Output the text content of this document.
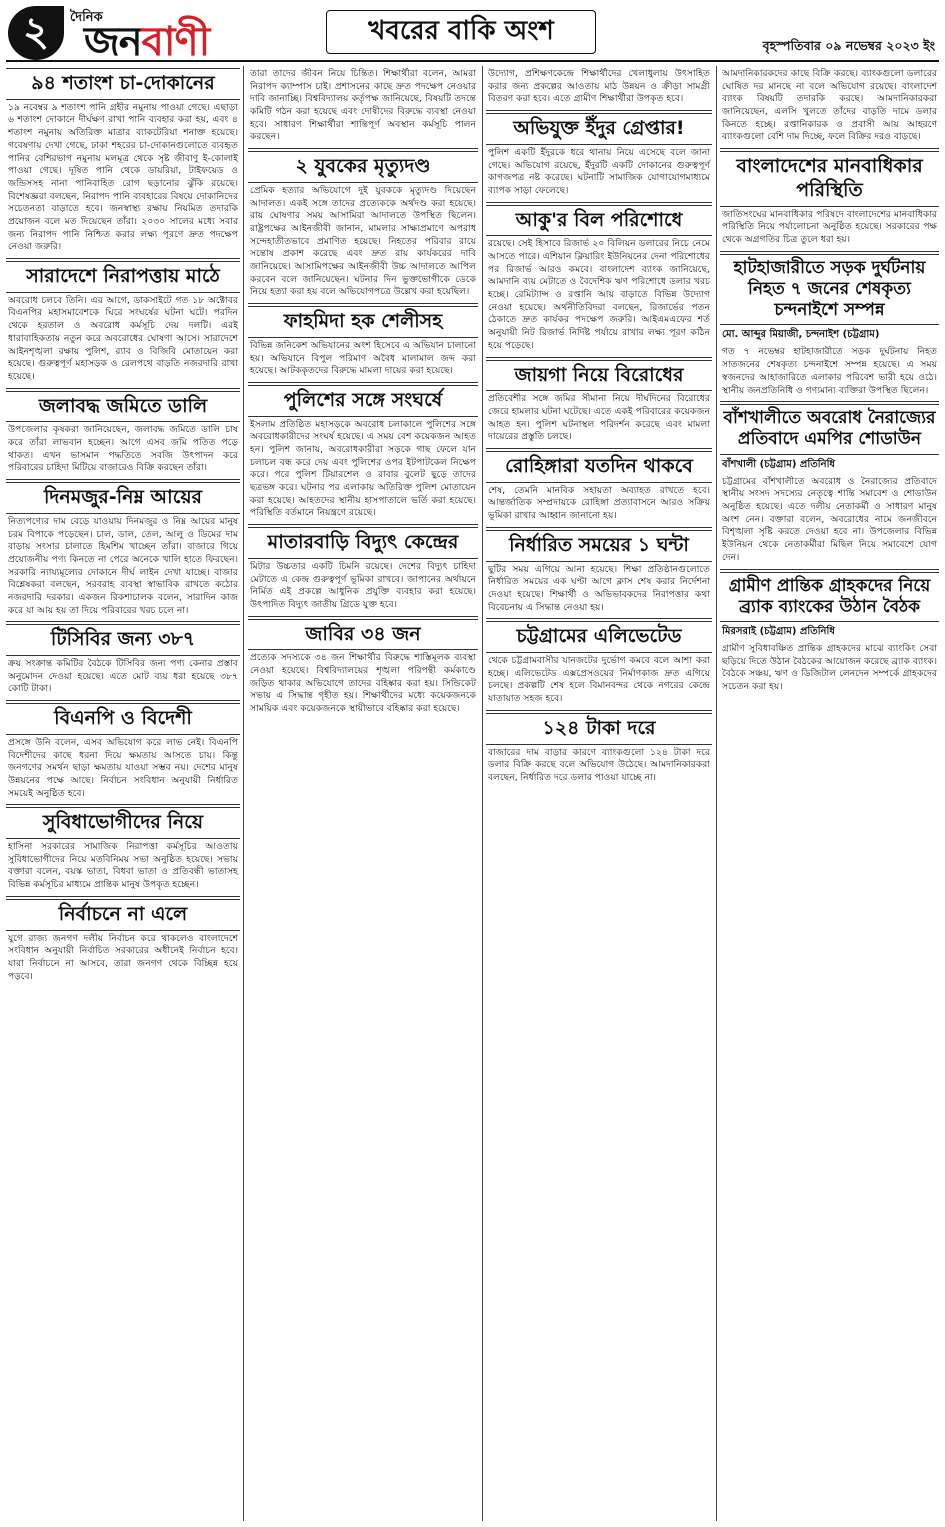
২	দৈনিক
জনবাণী	খবরের বাকি অংশ	বৃহস্পতিবার ০৯ নভেম্বর ২০২৩ ইং
৯৪ শতাংশ চা-দোকানের
১৯ নবেম্বর ৯ শতাংশ পানি গ্রহীর নমুনায় পাওয়া গেছে। এছাড়া ৬ শতাংশ দোকানে দীর্ঘক্ষণ রাখা পানি ব্যবহার করা হয়, এবং ৪ শতাংশ নমুনায় অতিরিক্ত মাত্রার ব্যাকটেরিয়া শনাক্ত হয়েছে। গবেষণায় দেখা গেছে, ঢাকা শহরের চা-দোকানগুলোতে ব্যবহৃত পানির বেশিরভাগ নমুনায় মলমূত্র থেকে সৃষ্ট জীবাণু ই-কোলাই পাওয়া গেছে। দূষিত পানি থেকে ডায়রিয়া, টাইফয়েড ও জন্ডিসসহ নানা পানিবাহিত রোগ ছড়ানোর ঝুঁকি রয়েছে। বিশেষজ্ঞরা বলছেন, নিরাপদ পানি ব্যবহারের বিষয়ে দোকানিদের সচেতনতা বাড়াতে হবে। জনস্বাস্থ্য রক্ষায় নিয়মিত তদারকি প্রয়োজন বলে মত দিয়েছেন তাঁরা। ২০৩০ সালের মধ্যে সবার জন্য নিরাপদ পানি নিশ্চিত করার লক্ষ্য পূরণে দ্রুত পদক্ষেপ নেওয়া জরুরি।
সারাদেশে নিরাপত্তায় মাঠে
অবরোধ চলবে তিনি। এর আগে, ডাকসাইটে গত ১৮ অক্টোবর বিএনপির মহাসমাবেশকে ঘিরে সংঘর্ষের ঘটনা ঘটে। পরদিন থেকে হরতাল ও অবরোধ কর্মসূচি দেয় দলটি। এরই ধারাবাহিকতায় নতুন করে অবরোধের ঘোষণা আসে। সারাদেশে আইনশৃঙ্খলা রক্ষায় পুলিশ, র‍্যাব ও বিজিবি মোতায়েন করা হয়েছে। গুরুত্বপূর্ণ মহাসড়ক ও রেলপথে বাড়তি নজরদারি রাখা হয়েছে।
জলাবদ্ধ জমিতে ডালি
উপজেলার কৃষকরা জানিয়েছেন, জলাবদ্ধ জমিতে ডালি চাষ করে তাঁরা লাভবান হচ্ছেন। আগে এসব জমি পতিত পড়ে থাকত। এখন ভাসমান পদ্ধতিতে সবজি উৎপাদন করে পরিবারের চাহিদা মিটিয়ে বাজারেও বিক্রি করছেন তাঁরা।
দিনমজুর-নিম্ন আয়ের
নিত্যপণ্যের দাম বেড়ে যাওয়ায় দিনমজুর ও নিম্ন আয়ের মানুষ চরম বিপাকে পড়েছেন। চাল, ডাল, তেল, আলু ও ডিমের দাম বাড়ায় সংসার চালাতে হিমশিম খাচ্ছেন তাঁরা। বাজারে গিয়ে প্রয়োজনীয় পণ্য কিনতে না পেরে অনেকে খালি হাতে ফিরছেন। সরকারি ন্যায্যমূল্যের দোকানে দীর্ঘ লাইন দেখা যাচ্ছে। বাজার বিশ্লেষকরা বলছেন, সরবরাহ ব্যবস্থা স্বাভাবিক রাখতে কঠোর নজরদারি দরকার। একজন রিকশাচালক বলেন, সারাদিন কাজ করে যা আয় হয় তা দিয়ে পরিবারের খরচ চলে না।
টিসিবির জন্য ৩৮৭
ক্রয় সংক্রান্ত কমিটির বৈঠকে টিসিবির জন্য পণ্য কেনার প্রস্তাব অনুমোদন দেওয়া হয়েছে। এতে মোট ব্যয় ধরা হয়েছে ৩৮৭ কোটি টাকা।
বিএনপি ও বিদেশী
প্রসঙ্গে উনি বলেন, এসব অভিযোগ করে লাভ নেই। বিএনপি বিদেশীদের কাছে ধরনা দিয়ে ক্ষমতায় আসতে চায়। কিন্তু জনগণের সমর্থন ছাড়া ক্ষমতায় যাওয়া সম্ভব নয়। দেশের মানুষ উন্নয়নের পক্ষে আছে। নির্বাচন সংবিধান অনুযায়ী নির্ধারিত সময়েই অনুষ্ঠিত হবে।
সুবিধাভোগীদের নিয়ে
হাসিনা সরকারের সামাজিক নিরাপত্তা কর্মসূচির আওতায় সুবিধাভোগীদের নিয়ে মতবিনিময় সভা অনুষ্ঠিত হয়েছে। সভায় বক্তারা বলেন, বয়স্ক ভাতা, বিধবা ভাতা ও প্রতিবন্ধী ভাতাসহ বিভিন্ন কর্মসূচির মাধ্যমে প্রান্তিক মানুষ উপকৃত হচ্ছেন।
নির্বাচনে না এলে
যুগে রাজ্য জনগণ দলীয় নির্বাচন করে থাকলেও বাংলাদেশে সংবিধান অনুযায়ী নির্বাচিত সরকারের অধীনেই নির্বাচন হবে। যারা নির্বাচনে না আসবে, তারা জনগণ থেকে বিচ্ছিন্ন হয়ে পড়বে।
তারা তাদের জীবন নিয়ে চিন্তিত। শিক্ষার্থীরা বলেন, আমরা নিরাপদ ক্যাম্পাস চাই। প্রশাসনের কাছে দ্রুত পদক্ষেপ নেওয়ার দাবি জানাচ্ছি। বিশ্ববিদ্যালয় কর্তৃপক্ষ জানিয়েছে, বিষয়টি তদন্তে কমিটি গঠন করা হয়েছে এবং দোষীদের বিরুদ্ধে ব্যবস্থা নেওয়া হবে। সাধারণ শিক্ষার্থীরা শান্তিপূর্ণ অবস্থান কর্মসূচি পালন করছেন।
২ যুবকের মৃত্যুদণ্ড
প্রেমিক হত্যার অভিযোগে দুই যুবককে মৃত্যুদণ্ড দিয়েছেন আদালত। একই সঙ্গে তাদের প্রত্যেককে অর্থদণ্ড করা হয়েছে। রায় ঘোষণার সময় আসামিরা আদালতে উপস্থিত ছিলেন। রাষ্ট্রপক্ষের আইনজীবী জানান, মামলার সাক্ষ্যপ্রমাণে অপরাধ সন্দেহাতীতভাবে প্রমাণিত হয়েছে। নিহতের পরিবার রায়ে সন্তোষ প্রকাশ করেছে এবং দ্রুত রায় কার্যকরের দাবি জানিয়েছে। আসামিপক্ষের আইনজীবী উচ্চ আদালতে আপিল করবেন বলে জানিয়েছেন। ঘটনার দিন ভুক্তভোগীকে ডেকে নিয়ে হত্যা করা হয় বলে অভিযোগপত্রে উল্লেখ করা হয়েছিল।
ফাহমিদা হক শেলীসহ
বিভিন্ন জনিকেশ অভিযানের অংশ হিসেবে এ অভিযান চালানো হয়। অভিযানে বিপুল পরিমাণ অবৈধ মালামাল জব্দ করা হয়েছে। আটককৃতদের বিরুদ্ধে মামলা দায়ের করা হয়েছে।
পুলিশের সঙ্গে সংঘর্ষে
ইসলাম প্রতিষ্ঠিত মহাসড়কে অবরোধ চলাকালে পুলিশের সঙ্গে অবরোধকারীদের সংঘর্ষ হয়েছে। এ সময় বেশ কয়েকজন আহত হন। পুলিশ জানায়, অবরোধকারীরা সড়কে গাছ ফেলে যান চলাচল বন্ধ করে দেয় এবং পুলিশের ওপর ইটপাটকেল নিক্ষেপ করে। পরে পুলিশ টিয়ারশেল ও রাবার বুলেট ছুড়ে তাদের ছত্রভঙ্গ করে। ঘটনার পর এলাকায় অতিরিক্ত পুলিশ মোতায়েন করা হয়েছে। আহতদের স্থানীয় হাসপাতালে ভর্তি করা হয়েছে। পরিস্থিতি বর্তমানে নিয়ন্ত্রণে রয়েছে।
মাতারবাড়ি বিদ্যুৎ কেন্দ্রের
মিটার উচ্চতার একটি চিমনি রয়েছে। দেশের বিদ্যুৎ চাহিদা মেটাতে এ কেন্দ্র গুরুত্বপূর্ণ ভূমিকা রাখবে। জাপানের অর্থায়নে নির্মিত এই প্রকল্পে আধুনিক প্রযুক্তি ব্যবহার করা হয়েছে। উৎপাদিত বিদ্যুৎ জাতীয় গ্রিডে যুক্ত হবে।
জাবির ৩৪ জন
প্রত্যেক সদস্যকে ৩৪ জন শিক্ষার্থীর বিরুদ্ধে শাস্তিমূলক ব্যবস্থা নেওয়া হয়েছে। বিশ্ববিদ্যালয়ের শৃঙ্খলা পরিপন্থী কর্মকাণ্ডে জড়িত থাকার অভিযোগে তাদের বহিষ্কার করা হয়। সিন্ডিকেট সভায় এ সিদ্ধান্ত গৃহীত হয়। শিক্ষার্থীদের মধ্যে কয়েকজনকে সাময়িক এবং কয়েকজনকে স্থায়ীভাবে বহিষ্কার করা হয়েছে।
উদ্যোগ, প্রশিক্ষণকেন্দ্রে শিক্ষার্থীদের খেলাধুলায় উৎসাহিত করার জন্য প্রকল্পের আওতায় মাঠ উন্নয়ন ও ক্রীড়া সামগ্রী বিতরণ করা হবে। এতে গ্রামীণ শিক্ষার্থীরা উপকৃত হবে।
অভিযুক্ত ইঁদুর গ্রেপ্তার!
পুলিশ একটি ইঁদুরকে ধরে থানায় নিয়ে এসেছে বলে জানা গেছে। অভিযোগ রয়েছে, ইঁদুরটি একটি দোকানের গুরুত্বপূর্ণ কাগজপত্র নষ্ট করেছে। ঘটনাটি সামাজিক যোগাযোগমাধ্যমে ব্যাপক সাড়া ফেলেছে।
আকু'র বিল পরিশোধে
রয়েছে। সেই হিসাবে রিজার্ভ ২০ বিলিয়ন ডলারের নিচে নেমে আসতে পারে। এশিয়ান ক্লিয়ারিং ইউনিয়নের দেনা পরিশোধের পর রিজার্ভ আরও কমবে। বাংলাদেশ ব্যাংক জানিয়েছে, আমদানি ব্যয় মেটাতে ও বৈদেশিক ঋণ পরিশোধে ডলার খরচ হচ্ছে। রেমিট্যান্স ও রপ্তানি আয় বাড়াতে বিভিন্ন উদ্যোগ নেওয়া হয়েছে। অর্থনীতিবিদরা বলছেন, রিজার্ভের পতন ঠেকাতে দ্রুত কার্যকর পদক্ষেপ জরুরি। আইএমএফের শর্ত অনুযায়ী নিট রিজার্ভ নির্দিষ্ট পর্যায়ে রাখার লক্ষ্য পূরণ কঠিন হয়ে পড়েছে।
জায়গা নিয়ে বিরোধের
প্রতিবেশীর সঙ্গে জমির সীমানা নিয়ে দীর্ঘদিনের বিরোধের জেরে হামলার ঘটনা ঘটেছে। এতে একই পরিবারের কয়েকজন আহত হন। পুলিশ ঘটনাস্থল পরিদর্শন করেছে এবং মামলা দায়েরের প্রস্তুতি চলছে।
রোহিঙ্গারা যতদিন থাকবে
শেষ, তেমনি মানবিক সহায়তা অব্যাহত রাখতে হবে। আন্তর্জাতিক সম্প্রদায়কে রোহিঙ্গা প্রত্যাবাসনে আরও সক্রিয় ভূমিকা রাখার আহ্বান জানানো হয়।
নির্ধারিত সময়ের ১ ঘন্টা
ছুটির সময় এগিয়ে আনা হয়েছে। শিক্ষা প্রতিষ্ঠানগুলোতে নির্ধারিত সময়ের এক ঘণ্টা আগে ক্লাস শেষ করার নির্দেশনা দেওয়া হয়েছে। শিক্ষার্থী ও অভিভাবকদের নিরাপত্তার কথা বিবেচনায় এ সিদ্ধান্ত নেওয়া হয়।
চট্টগ্রামের এলিভেটেড
থেকে চট্টগ্রামবাসীর যানজটের দুর্ভোগ কমবে বলে আশা করা হচ্ছে। এলিভেটেড এক্সপ্রেসওয়ের নির্মাণকাজ দ্রুত এগিয়ে চলছে। প্রকল্পটি শেষ হলে বিমানবন্দর থেকে নগরের কেন্দ্রে যাতায়াত সহজ হবে।
১২৪ টাকা দরে
বাজারের দাম বাড়ার কারণে ব্যাংকগুলো ১২৪ টাকা দরে ডলার বিক্রি করছে বলে অভিযোগ উঠেছে। আমদানিকারকরা বলছেন, নির্ধারিত দরে ডলার পাওয়া যাচ্ছে না।
আমদানিকারকদের কাছে বিক্রি করছে। ব্যাংকগুলো ডলারের ঘোষিত দর মানছে না বলে অভিযোগ রয়েছে। বাংলাদেশ ব্যাংক বিষয়টি তদারকি করছে। আমদানিকারকরা জানিয়েছেন, এলসি খুলতে তাঁদের বাড়তি দামে ডলার কিনতে হচ্ছে। রপ্তানিকারক ও প্রবাসী আয় আহরণে ব্যাংকগুলো বেশি দাম দিচ্ছে, ফলে বিক্রির দরও বাড়ছে।
বাংলাদেশের মানবাধিকার পরিস্থিতি
জাতিসংঘের মানবাধিকার পরিষদে বাংলাদেশের মানবাধিকার পরিস্থিতি নিয়ে পর্যালোচনা অনুষ্ঠিত হয়েছে। সরকারের পক্ষ থেকে অগ্রগতির চিত্র তুলে ধরা হয়।
হাটহাজারীতে সড়ক দুর্ঘটনায় নিহত ৭ জনের শেষকৃত্য চন্দনাইশে সম্পন্ন
মো. আব্দুর মিয়াজী, চন্দনাইশ (চট্টগ্রাম)
গত ৭ নভেম্বর হাটহাজারীতে সড়ক দুর্ঘটনায় নিহত সাতজনের শেষকৃত্য চন্দনাইশে সম্পন্ন হয়েছে। এ সময় স্বজনদের আহাজারিতে এলাকার পরিবেশ ভারী হয়ে ওঠে। স্থানীয় জনপ্রতিনিধি ও গণ্যমান্য ব্যক্তিরা উপস্থিত ছিলেন।
বাঁশখালীতে অবরোধ নৈরাজ্যের প্রতিবাদে এমপির শোডাউন
বাঁশখালী (চট্টগ্রাম) প্রতিনিধি
চট্টগ্রামের বাঁশখালীতে অবরোধ ও নৈরাজ্যের প্রতিবাদে স্থানীয় সংসদ সদস্যের নেতৃত্বে শান্তি সমাবেশ ও শোডাউন অনুষ্ঠিত হয়েছে। এতে দলীয় নেতাকর্মী ও সাধারণ মানুষ অংশ নেন। বক্তারা বলেন, অবরোধের নামে জনজীবনে বিশৃঙ্খলা সৃষ্টি করতে দেওয়া হবে না। উপজেলার বিভিন্ন ইউনিয়ন থেকে নেতাকর্মীরা মিছিল নিয়ে সমাবেশে যোগ দেন।
গ্রামীণ প্রান্তিক গ্রাহকদের নিয়ে ব্র্যাক ব্যাংকের উঠান বৈঠক
মিরসরাই (চট্টগ্রাম) প্রতিনিধি
গ্রামীণ সুবিধাবঞ্চিত প্রান্তিক গ্রাহকদের মাঝে ব্যাংকিং সেবা ছড়িয়ে দিতে উঠান বৈঠকের আয়োজন করেছে ব্র্যাক ব্যাংক। বৈঠকে সঞ্চয়, ঋণ ও ডিজিটাল লেনদেন সম্পর্কে গ্রাহকদের সচেতন করা হয়।
